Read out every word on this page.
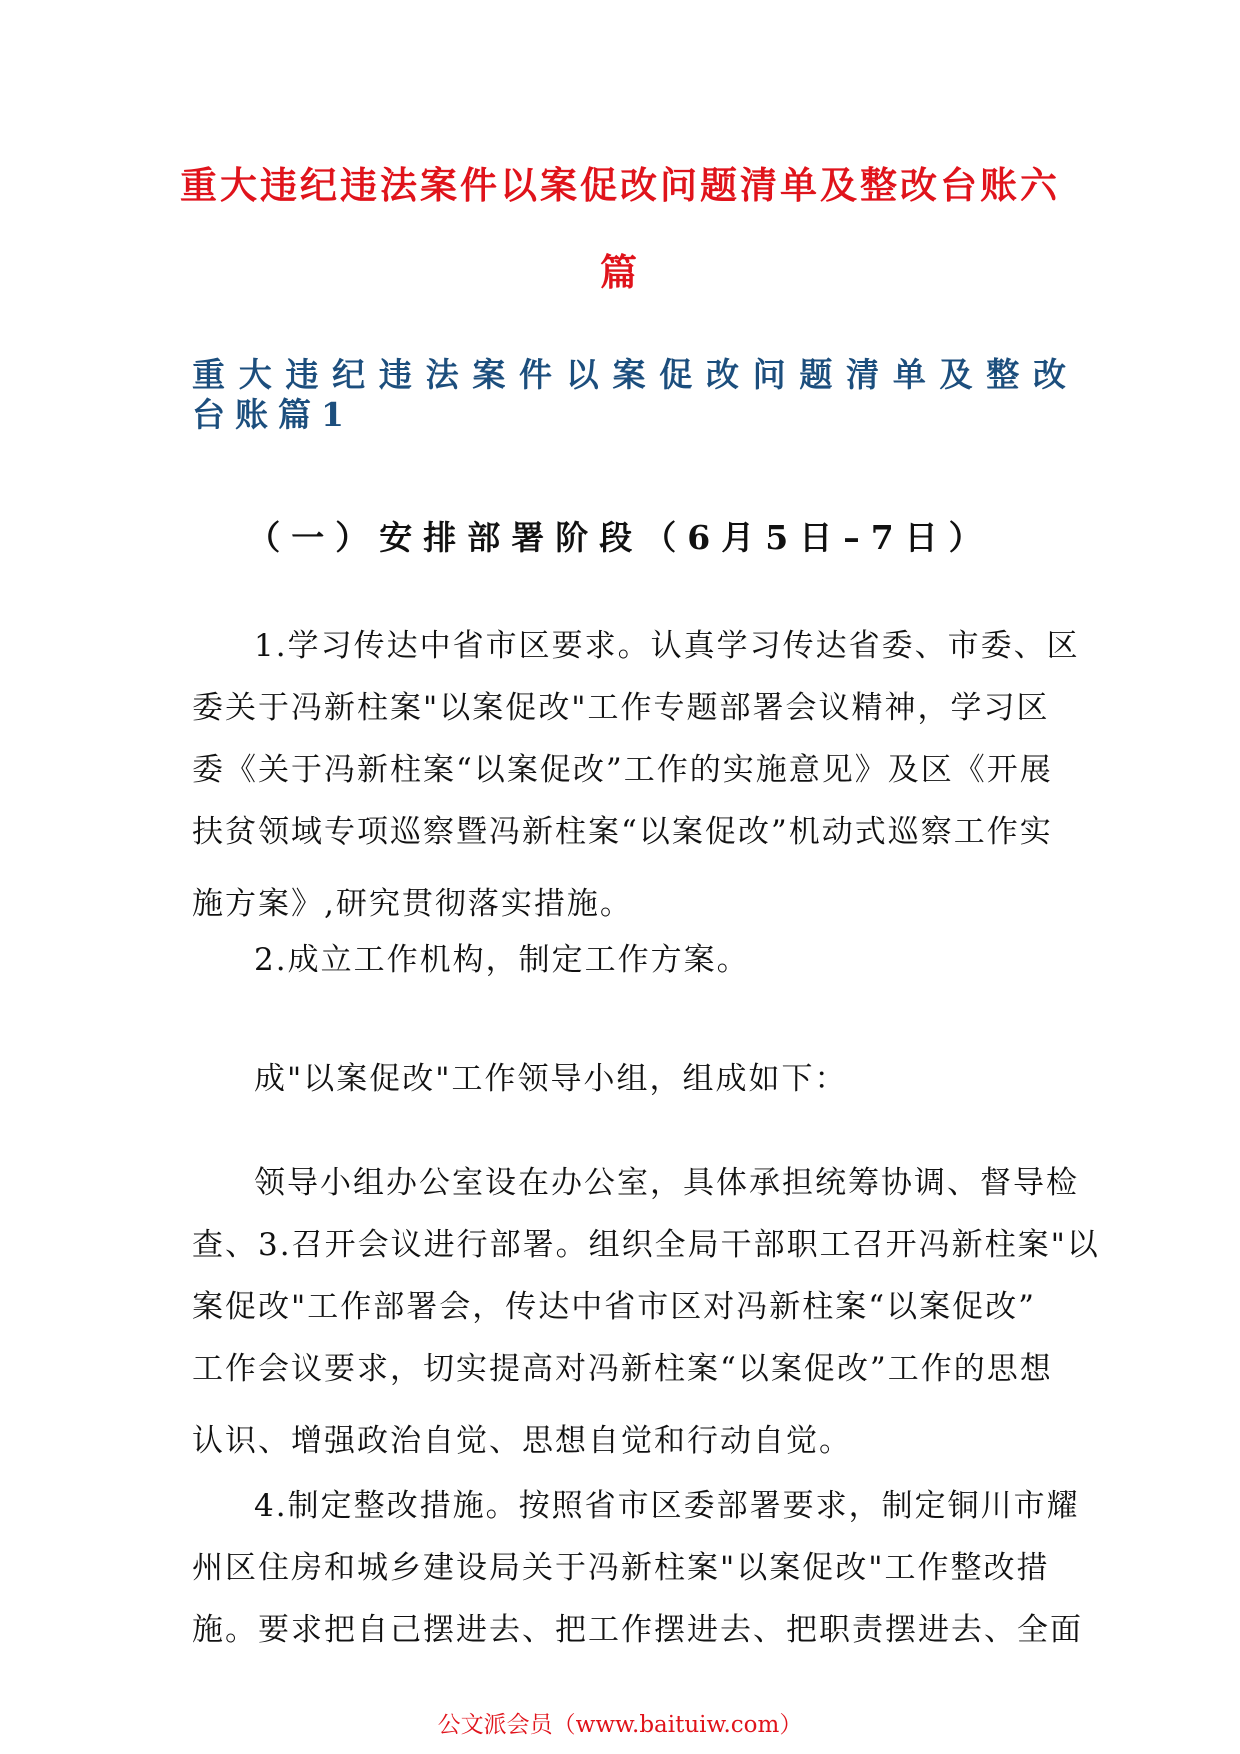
重大违纪违法案件以案促改问题清单及整改台账六
篇
重大违纪违法案件以案促改问题清单及整改
台账篇1
（一）安排部署阶段（6月5日–7日）
1.学习传达中省市区要求。认真学习传达省委、市委、区
委关于冯新柱案"以案促改"工作专题部署会议精神，学习区
委《关于冯新柱案“以案促改”工作的实施意见》及区《开展
扶贫领域专项巡察暨冯新柱案“以案促改”机动式巡察工作实
施方案》,研究贯彻落实措施。
2.成立工作机构，制定工作方案。
成"以案促改"工作领导小组，组成如下：
领导小组办公室设在办公室，具体承担统筹协调、督导检
查、3.召开会议进行部署。组织全局干部职工召开冯新柱案"以
案促改"工作部署会，传达中省市区对冯新柱案“以案促改”
工作会议要求，切实提高对冯新柱案“以案促改”工作的思想
认识、增强政治自觉、思想自觉和行动自觉。
4.制定整改措施。按照省市区委部署要求，制定铜川市耀
州区住房和城乡建设局关于冯新柱案"以案促改"工作整改措
施。要求把自己摆进去、把工作摆进去、把职责摆进去、全面
公文派会员（www.baituiw.com）
